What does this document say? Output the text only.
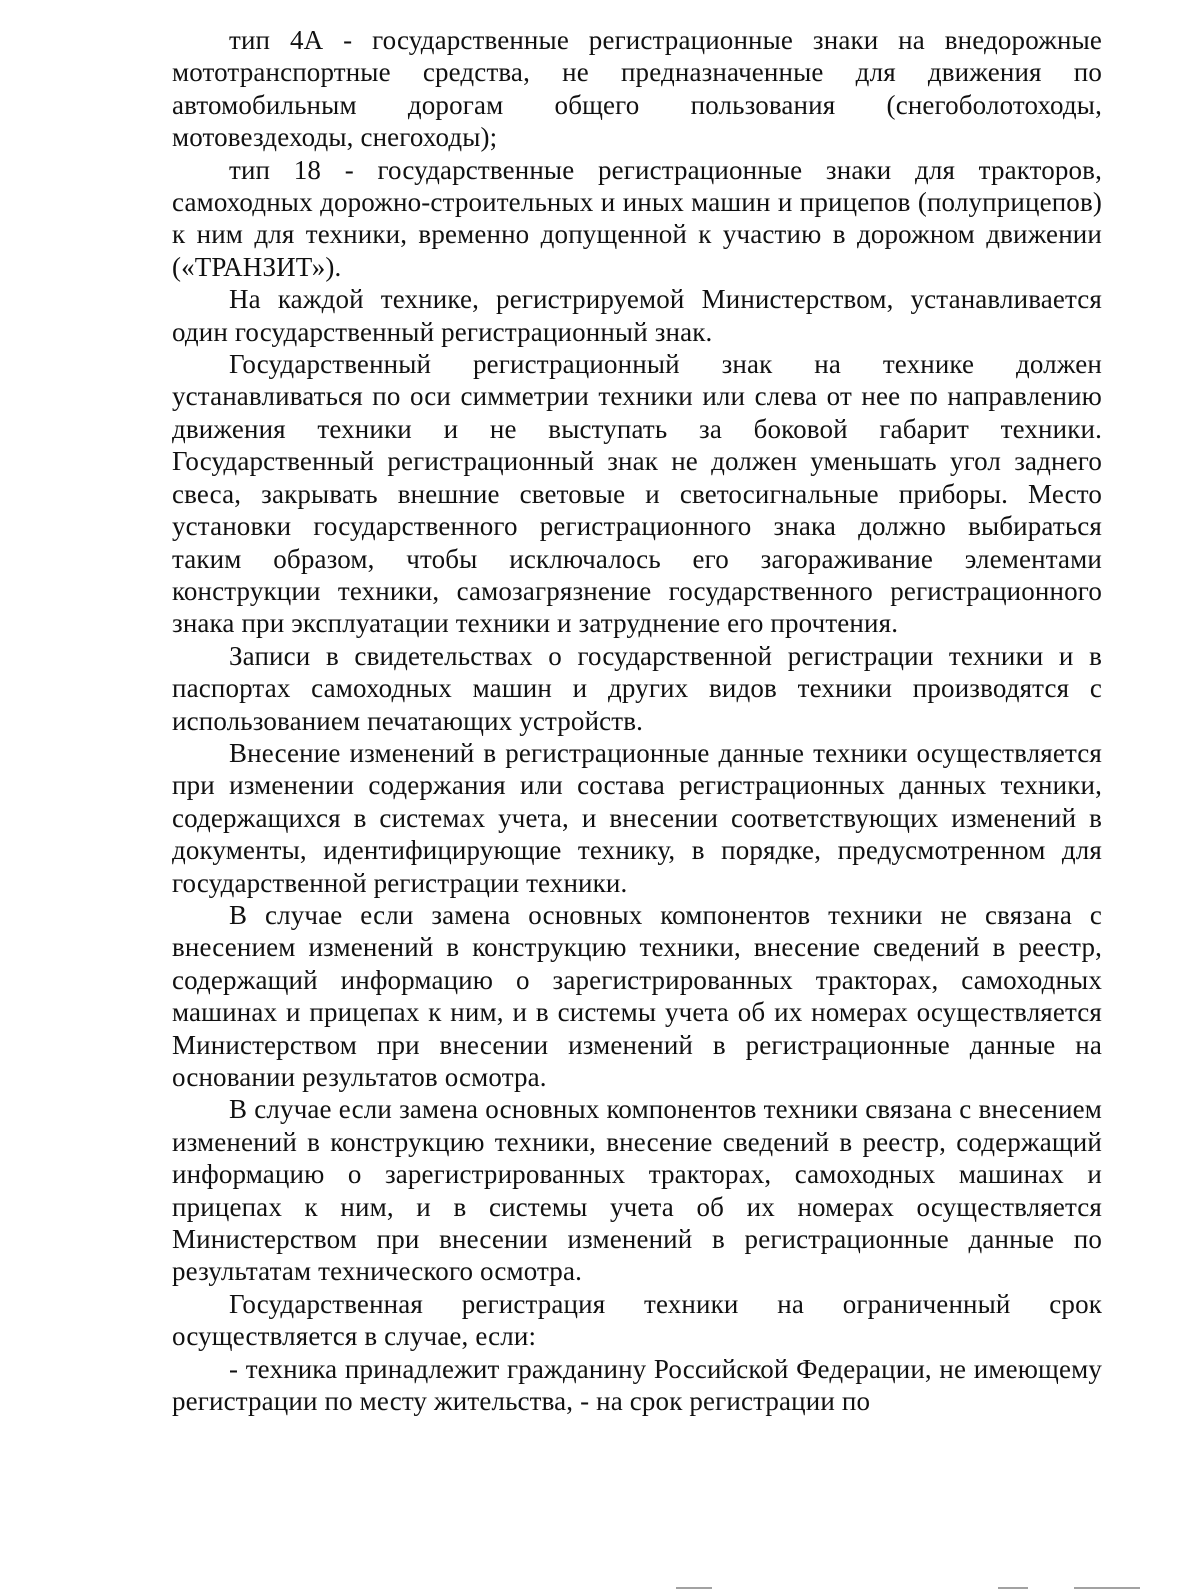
тип 4А - государственные регистрационные знаки на внедорожные мототранспортные средства, не предназначенные для движения по автомобильным дорогам общего пользования (снегоболотоходы, мотовездеходы, снегоходы);

тип 18 - государственные регистрационные знаки для тракторов, самоходных дорожно-строительных и иных машин и прицепов (полуприцепов) к ним для техники, временно допущенной к участию в дорожном движении («ТРАНЗИТ»).

На каждой технике, регистрируемой Министерством, устанавливается один государственный регистрационный знак.

Государственный регистрационный знак на технике должен устанавливаться по оси симметрии техники или слева от нее по направлению движения техники и не выступать за боковой габарит техники. Государственный регистрационный знак не должен уменьшать угол заднего свеса, закрывать внешние световые и светосигнальные приборы. Место установки государственного регистрационного знака должно выбираться таким образом, чтобы исключалось его загораживание элементами конструкции техники, самозагрязнение государственного регистрационного знака при эксплуатации техники и затруднение его прочтения.

Записи в свидетельствах о государственной регистрации техники и в паспортах самоходных машин и других видов техники производятся с использованием печатающих устройств.

Внесение изменений в регистрационные данные техники осуществляется при изменении содержания или состава регистрационных данных техники, содержащихся в системах учета, и внесении соответствующих изменений в документы, идентифицирующие технику, в порядке, предусмотренном для государственной регистрации техники.

В случае если замена основных компонентов техники не связана с внесением изменений в конструкцию техники, внесение сведений в реестр, содержащий информацию о зарегистрированных тракторах, самоходных машинах и прицепах к ним, и в системы учета об их номерах осуществляется Министерством при внесении изменений в регистрационные данные на основании результатов осмотра.

В случае если замена основных компонентов техники связана с внесением изменений в конструкцию техники, внесение сведений в реестр, содержащий информацию о зарегистрированных тракторах, самоходных машинах и прицепах к ним, и в системы учета об их номерах осуществляется Министерством при внесении изменений в регистрационные данные по результатам технического осмотра.

Государственная регистрация техники на ограниченный срок осуществляется в случае, если:

- техника принадлежит гражданину Российской Федерации, не имеющему регистрации по месту жительства, - на срок регистрации по
